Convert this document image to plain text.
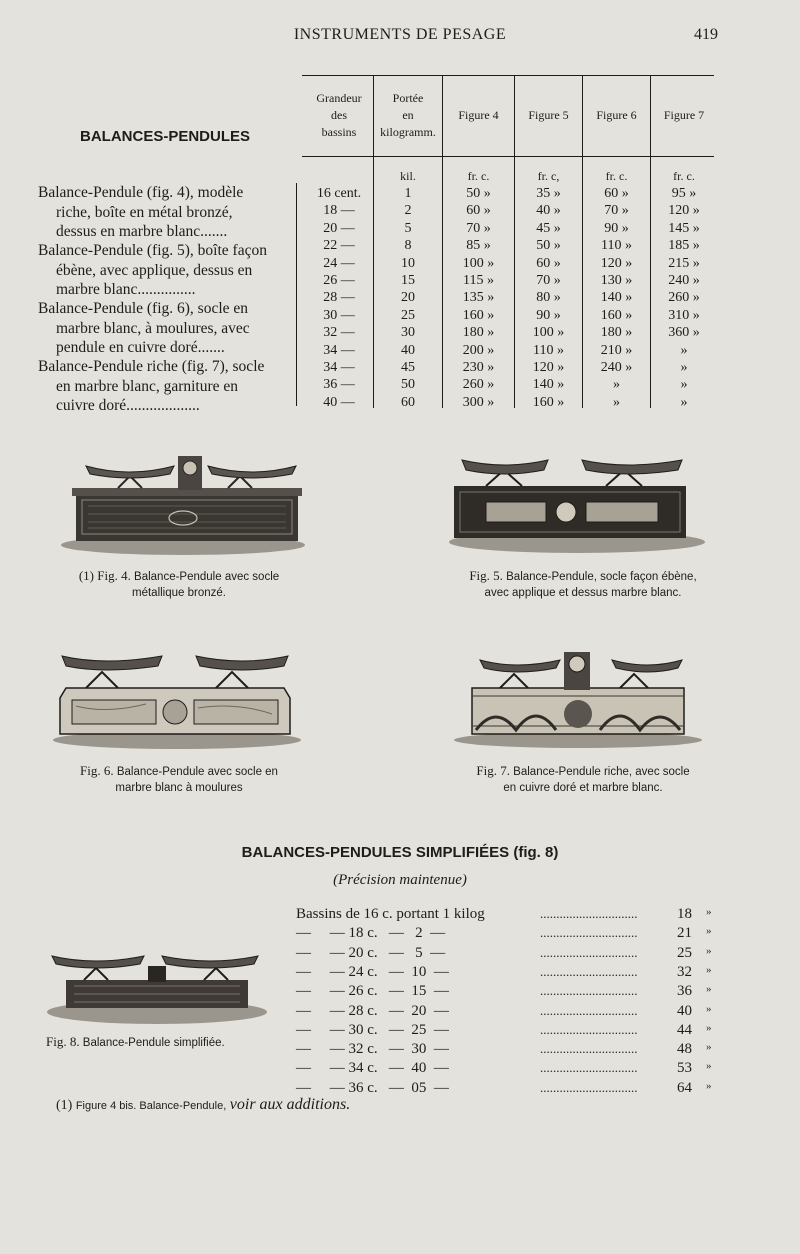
INSTRUMENTS DE PESAGE	419
BALANCES-PENDULES
Grandeur
des
bassins
Portée
en
kilogramm.
Figure 4	Figure 5	Figure 6	Figure 7
kil.	fr. c.	fr. c,	fr. c.	fr. c.
16 cent.	1	50 »	35 »	60 »	95 »
18 —	2	60 »	40 »	70 »	120 »
20 —	5	70 »	45 »	90 »	145 »
22 —	8	85 »	50 »	110 »	185 »
24 —	10	100 »	60 »	120 »	215 »
26 —	15	115 »	70 »	130 »	240 »
28 —	20	135 »	80 »	140 »	260 »
30 —	25	160 »	90 »	160 »	310 »
32 —	30	180 »	100 »	180 »	360 »
34 —	40	200 »	110 »	210 »	»
34 —	45	230 »	120 »	240 »	»
36 —	50	260 »	140 »	»	»
40 —	60	300 »	160 »	»	»
Balance-Pendule (fig. 4), modèle
riche, boîte en métal bronzé,
dessus en marbre blanc.......
Balance-Pendule (fig. 5), boîte façon
ébène, avec applique, dessus en
marbre blanc...............
Balance-Pendule (fig. 6), socle en
marbre blanc, à moulures, avec
pendule en cuivre doré.......
Balance-Pendule riche (fig. 7), socle
en marbre blanc, garniture en
cuivre doré...................
(1) Fig. 4. Balance-Pendule avec socle
métallique bronzé.
Fig. 5. Balance-Pendule, socle façon ébène,
avec applique et dessus marbre blanc.
Fig. 6. Balance-Pendule avec socle en
marbre blanc à moulures
Fig. 7. Balance-Pendule riche, avec socle
en cuivre doré et marbre blanc.
Fig. 8. Balance-Pendule simplifiée.
BALANCES-PENDULES SIMPLIFIÉES (fig. 8)
(Précision maintenue)
Bassins de 16 c. portant 1 kilog	..............................	18 »
—     — 18 c.   —   2  —	..............................	21 »
—     — 20 c.   —   5  —	..............................	25 »
—     — 24 c.   —  10  —	..............................	32 »
—     — 26 c.   —  15  —	..............................	36 »
—     — 28 c.   —  20  —	..............................	40 »
—     — 30 c.   —  25  —	..............................	44 »
—     — 32 c.   —  30  —	..............................	48 »
—     — 34 c.   —  40  —	..............................	53 »
—     — 36 c.   —  05  —	..............................	64 »
(1) Figure 4 bis. Balance-Pendule, voir aux additions.
